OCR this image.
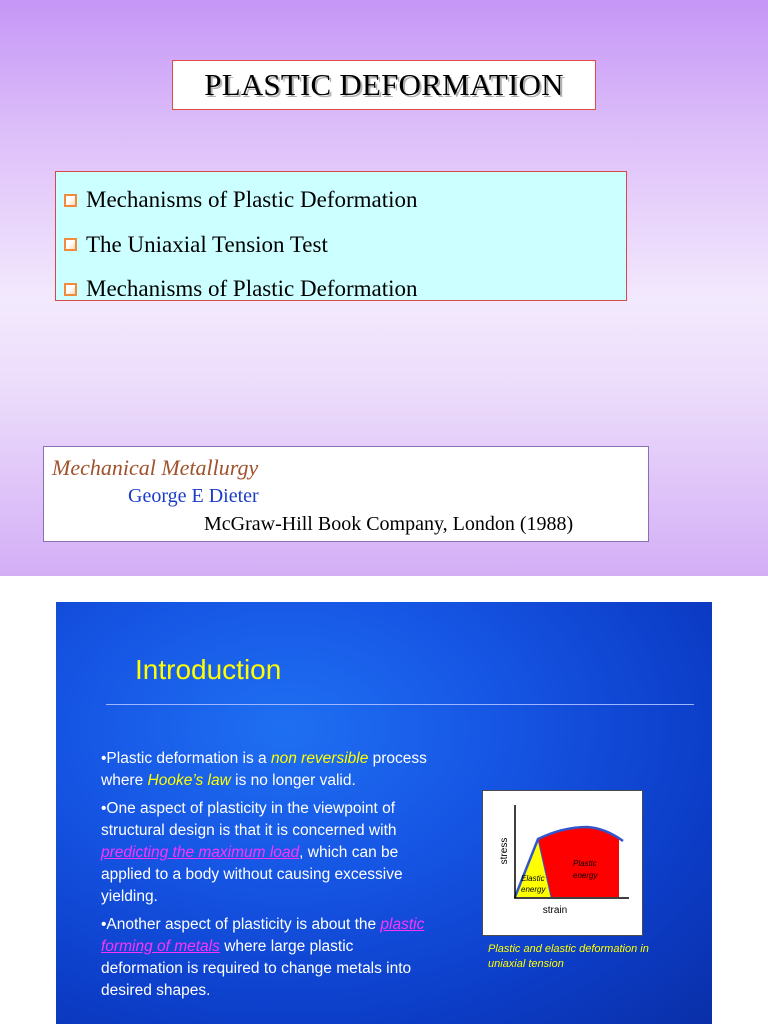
PLASTIC DEFORMATION
Mechanisms of Plastic Deformation
The Uniaxial Tension Test
Mechanisms of Plastic Deformation
Mechanical Metallurgy
George E Dieter
McGraw-Hill Book Company, London (1988)
Introduction

•Plastic deformation is a non reversible process where Hooke’s law is no longer valid.

•One aspect of plasticity in the viewpoint of structural design is that it is concerned with predicting the maximum load, which can be applied to a body without causing excessive yielding.

•Another aspect of plasticity is about the plastic forming of metals where large plastic deformation is required to change metals into desired shapes.

stress
strain
Plastic
energy
Elastic
energy
Plastic and elastic deformation in uniaxial tension
